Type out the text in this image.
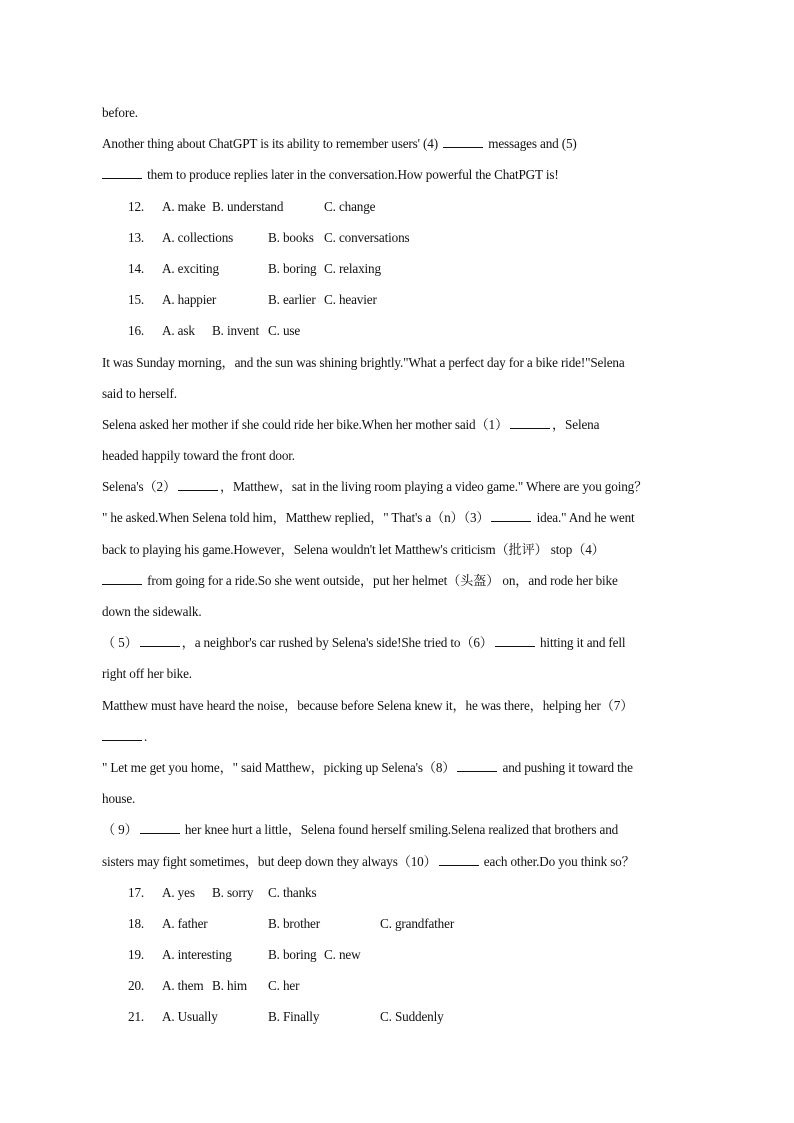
before.
Another thing about ChatGPT is its ability to remember users' (4)	messages and (5)
them to produce replies later in the conversation.How powerful the ChatPGT is!
12. A. make B. understand	C. change
13. A. collections	B. books C. conversations
14. A. exciting	B. boring C. relaxing
15. A. happier	B. earlier C. heavier
16. A. ask B. invent C. use
It was Sunday morning，and the sun was shining brightly."What a perfect day for a bike ride!"Selena
said to herself.
Selena asked her mother if she could ride her bike.When her mother said（1）	，Selena
headed happily toward the front door.
Selena's（2）	，Matthew，sat in the living room playing a video game." Where are you going？
" he asked.When Selena told him，Matthew replied，" That's a（n）（3）	idea." And he went
back to playing his game.However，Selena wouldn't let Matthew's criticism（批评） stop（4）
from going for a ride.So she went outside，put her helmet（头盔） on，and rode her bike
down the sidewalk.
（ 5）	，a neighbor's car rushed by Selena's side!She tried to（6）	hitting it and fell
right off her bike.
Matthew must have heard the noise，because before Selena knew it，he was there，helping her（7）
.
" Let me get you home，" said Matthew，picking up Selena's（8）	and pushing it toward the
house.
（ 9）	her knee hurt a little，Selena found herself smiling.Selena realized that brothers and
sisters may fight sometimes，but deep down they always（10）	each other.Do you think so？
17. A. yes B. sorry C. thanks
18. A. father	B. brother	C. grandfather
19. A. interesting	B. boring C. new
20. A. them B. him C. her
21. A. Usually	B. Finally	C. Suddenly
